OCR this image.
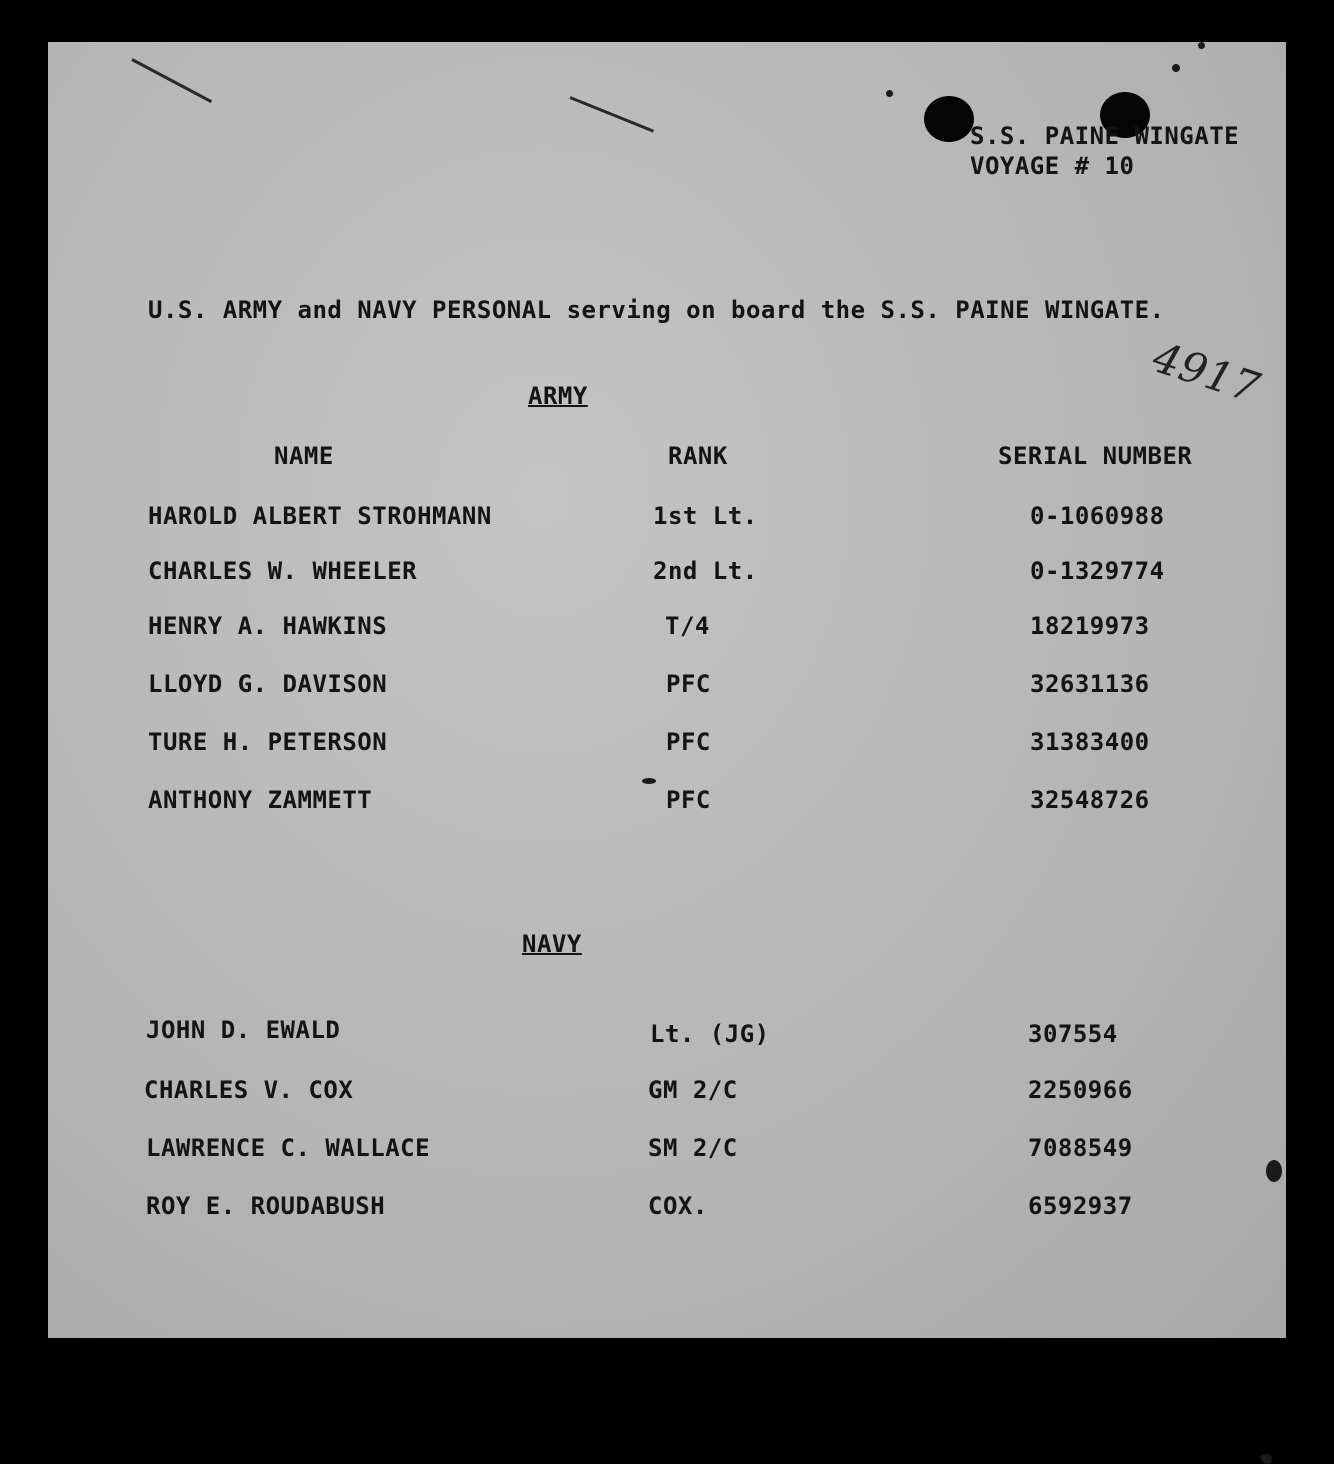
S.S. PAINE WINGATE
VOYAGE # 10
U.S. ARMY and NAVY PERSONAL serving on board the S.S. PAINE WINGATE.
4917
ARMY
NAME	RANK	SERIAL NUMBER
HAROLD ALBERT STROHMANN	1st Lt.	0-1060988
CHARLES W. WHEELER	2nd Lt.	0-1329774
HENRY A. HAWKINS	T/4	18219973
LLOYD G. DAVISON	PFC	32631136
TURE H. PETERSON	PFC	31383400
ANTHONY ZAMMETT	PFC	32548726
NAVY
JOHN D. EWALD	Lt. (JG)	307554
CHARLES V. COX	GM 2/C	2250966
LAWRENCE C. WALLACE	SM 2/C	7088549
ROY E. ROUDABUSH	COX.	6592937
